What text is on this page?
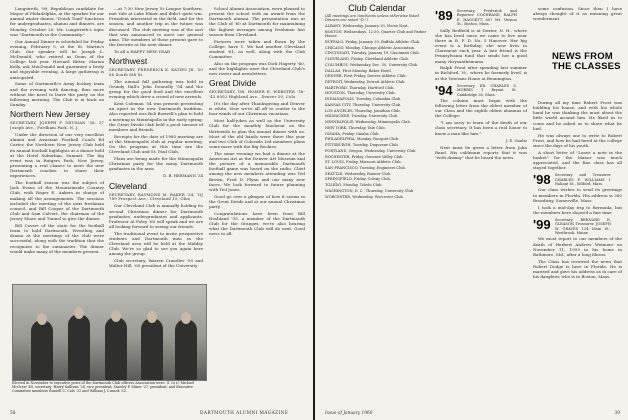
Longstreth, '99, Republican candidate for Mayor of Philadelphia, at the speaker for our annual winter dinner. "Dutch Toad" luncheon for undergraduates, alumni and dinners, are Monday, October 20. Mr. Longstreth's topic was "Dartmouth in the Community."

Our Annual Dinner is scheduled for Friday evening, February 5, at the St. Martin's Club. Our speaker will be Joseph L. McDonald, who retired as Dean of the College last year. Howard Bitter, Marion Kelly, ask MacDonald and guarantee a lively and enjoyable evening. A large gathering is anticipated.

Some of Dartmouth's Army hockey team and the evening with dancing, thus more without the need to leave the party on the following morning. The Club is in back on Sunday.

Northern New Jersey
SECRETARY, JOSEPH F. SHUMAN '38, 37 Joseph Ave., Fordham Park, N. J.

Under the direction of our very excellent alumni and Assistant Football Coach Ed Carter, the Northern New Jersey Club held its annual football highlights at a dinner held at the Hotel Suburban, Summit. The big event was in Rutgers Park, New Jersey, presenting a real chance to meet the new Dartmouth coaches to share their experiences.

The football season was the subject of Jack Evans of the Mountainside Country Club, with Roger E. Ankers in charge of making all the arrangements. The sessions included the meeting of the next freshman council, and Bill Cooper of the Dartmouth Club and Sam Calvert, the chairman of the Jersey Shore and Tunnel to give the dinner.

Bill Covert of the state for the football team to hold Dartmouth. Wrestling and drama at the meetings of the club were successful, along with the tradition that the recognizes to the summaries. The dinner would make many of the members present.

—at 7:30 New Jersey Yr League Southern, met Yale at Lake Elmer and didn't quite win. President interested in the field, and for the season, and another trip in the future was discussed. The club meeting was of the sort that was announced to meet our general aims. The members of those present gave to the favorite at the next dinner.

To all a HAPPY NEW YEAR

Northwest
SECRETARY, FREDERICK K. KATIES JR. '50 66 South 6th St.

The annual fall gathering was held in Grundy Hall's John Donnelly '54 and the group for the good food and the excellent evening which drew a crowd of new arrivals.

Kent Coleman '54 was present presenting an upset in the new Dartmouth tradition. Also reported was Bob Boswell's plan to hold a meeting in Minneapolis in the early spring; the Great Divide club held a good turnout of members and friends.

Receipts for the date of 1985 meeting are at the Minneapolis club at regular meeting. On the program at this time are the Cleveland Club and St. Paul Club.

Plans are being made for the Minneapolis Christmas party for the many Dartmouth graduates in the area.

D. B. HERMANN '34
Cleveland
SECRETARY, RAYMOND M. BAKER '34, 'OJ 789 Prospect Ave., Cleveland 15, Ohio

Our Cleveland Club is annually holding its second Christmas dinner for Dartmouth graduates, undergraduates and applicants. Professor Al Foley '60 will speak and we are all looking forward to seeing our friends.

The traditional event to invite prospective students and Dartmouth men in the Cleveland area will be held at the Midday Club. We're so glad to see you again here among the group.

Club secretary, Warren Crandlev '50 and Walter Hill, '60 president of the University

School Alumni Association, were pleased to present the school with an award from the Dartmouth alumni. The presentation was at the Club of '60 at Dartmouth for maintaining the highest averages among freshmen last season from Cleveland.

Pictures were taken and flown by the College, have 1. We had another Cleveland student '61, as well, along with the Club Committee.

Also on the program was Dick Hagerty '60, and the highlights were the Cleveland Club's new roster and newsletters.

Great Divide
SECRETARY, DR. HOMER E. WEBSTER '38-'43 6002 Highland Ave., Denver 20, Colo.

It's the day after Thanksgiving and Denver is white. Now we're all off to scatter to the four winds of our Christmas vacations.

Most half-jokes as well as the University Club for the monthly luncheon on the thirteenth to plan the annual dinner with us. Most of the old hands were there this year and two Club of Colorado Ltd members plans some more with the Big Rockies.

The same evening we had a dinner at the American Art at the Denver Art Museum and the picture of a memorable Dartmouth football game was heard on the radio. Chief among the new members attending was Ted Brown, Fred D. Flynn and our many new faces. We look forward to future planning with Ted Jones.

Good go over a glimpse of how it seems in the Great Divide and at our annual Christmas party.

Congratulations have been from Bill Hoshland '55, a member of the Dartmouth Club for the Oranges; we're also hearing what the Dartmouth Club will do next. Good news to all.

Elected in November to executive posts of the Dartmouth Club officers Association were: (l. to r.) Michael McGrew '49, secretary; Harry Sullivan '28, vice president; Stanley P. Miner '27, president; and Executive Committee members Russell C. Cole '31 and William J. Cusack '52.
58	DARTMOUTH ALUMNI MAGAZINE
Club Calendar

(All meetings are luncheons unless otherwise listed. Dinners are noted "D.")

ALBANY, Wednesday, January 20, Horse Nest.

BOSTON, Wednesdays, 12:30, Quarter Club and Parker House.

BUFFALO, Friday, January 29, Buffalo Athletic Club.

CHICAGO, Monday, Chicago Athletic Association.

CINCINNATI, Tuesday, January 19, Cincinnati Club.

CLEVELAND, Friday, Cleveland Athletic Club.

COLUMBUS, Wednesday, Dec. 30, University Club.

DALLAS, First Monday, Baker Hotel.

DENVER, First Friday, Denver Athletic Club.

DETROIT, Wednesday, Detroit Athletic Club.

HARTFORD, Thursday, Hartford Club.

HOUSTON, Thursday, University Club.

INDIANAPOLIS, Tuesday, Columbia Club.

KANSAS CITY, Thursday, University Club.

LOS ANGELES, Thursday, Jonathan Club.

MILWAUKEE, Tuesday, University Club.

MINNEAPOLIS, Wednesday, Minneapolis Club.

NEW YORK, Thursday, Yale Club.

OMAHA, Friday, Omaha Club.

PHILADELPHIA, Monday, Racquet Club.

PITTSBURGH, Tuesday, Duquesne Club.

PORTLAND, Oregon, Wednesday, University Club.

ROCHESTER, Friday, Genesee Valley Club.

ST. LOUIS, Friday, Missouri Athletic Club.

SAN FRANCISCO, Tuesday, Engineers Club.

SEATTLE, Wednesday, Rainier Club.

SPRINGFIELD, Friday, Colony Club.

TOLEDO, Monday, Toledo Club.

WASHINGTON, D. C., Thursday, University Club.

WORCESTER, Wednesday, Worcester Club.

'89 Secretary, Frederick and Reporter: COCHRANE, RALPH E. HAGGETT, 607 Mt. Vernon St., Boston, Mass.

Sally Redfield is at Dexter, N. H., where she has lived since we came to live near there in R. F. D. No. 5 Hanover. Her big event is a birthday; she now lives in Claremont each year. A late friend is the Pennsylvania fund that sends her a good many chrysanthemums.

Ralph Prout after spending last summer in Richford, Vt., where he formerly lived, is at the Veterans Home at Bennington.

'94 Secretary, DR. CHARLES S. MORRIS 1 Bryant St. Cambridge 38, Mass.

The column must begin with the following letter from the oldest member of our Class and the eighth oldest alumnus of the College:

"I am sorry to learn of the death of our class secretary. It has been a real honor to know a man like him."

J. E. Gaultz

Next must be given a letter from John Rand. His cablenum reports that it was "with dismay" that he heard the news.

NEWS FROM THE CLASSES

some confusion. Since then I have always thought of it as meaning great wonderment.

During all my time Robert Frost was building his house, and with his whole hand he was thinking the most about the little world around him. He liked us to come and he asked us to share what he had.

He was always one to write to Robert Frost, and how he had fared at the college since the days of his youth.

A short letter of "Leave a note in the basket" for the Manor was much appreciated, and the fine class has all stayed together.

'98 Secretary and Treasurer CHARLES F. WILLIAMS 1 Nahant St., Milford, Mass.

Our class wishes to send its greetings to members in Florida. His address is 380 Broadway, Somerville, Mass.

I took a mid-day trip to Bermuda, but the members here showed a fine time.

'99 Secretary, BERNARD R. GLEASON Treasurer, JOSEPH W. GRAVES 124 Main St., Westbrook, Maine

We must report to our members of the death of Herbert Andrew Wetmore on November 11, 1959 in his home in Baltimore, Md., after a long illness.

The Class has received the news that Robert Dodge is here in Florida. He is married and gave his address as in care of his daughter, who is in Boston, Mass.

Issue of January 1960	39
